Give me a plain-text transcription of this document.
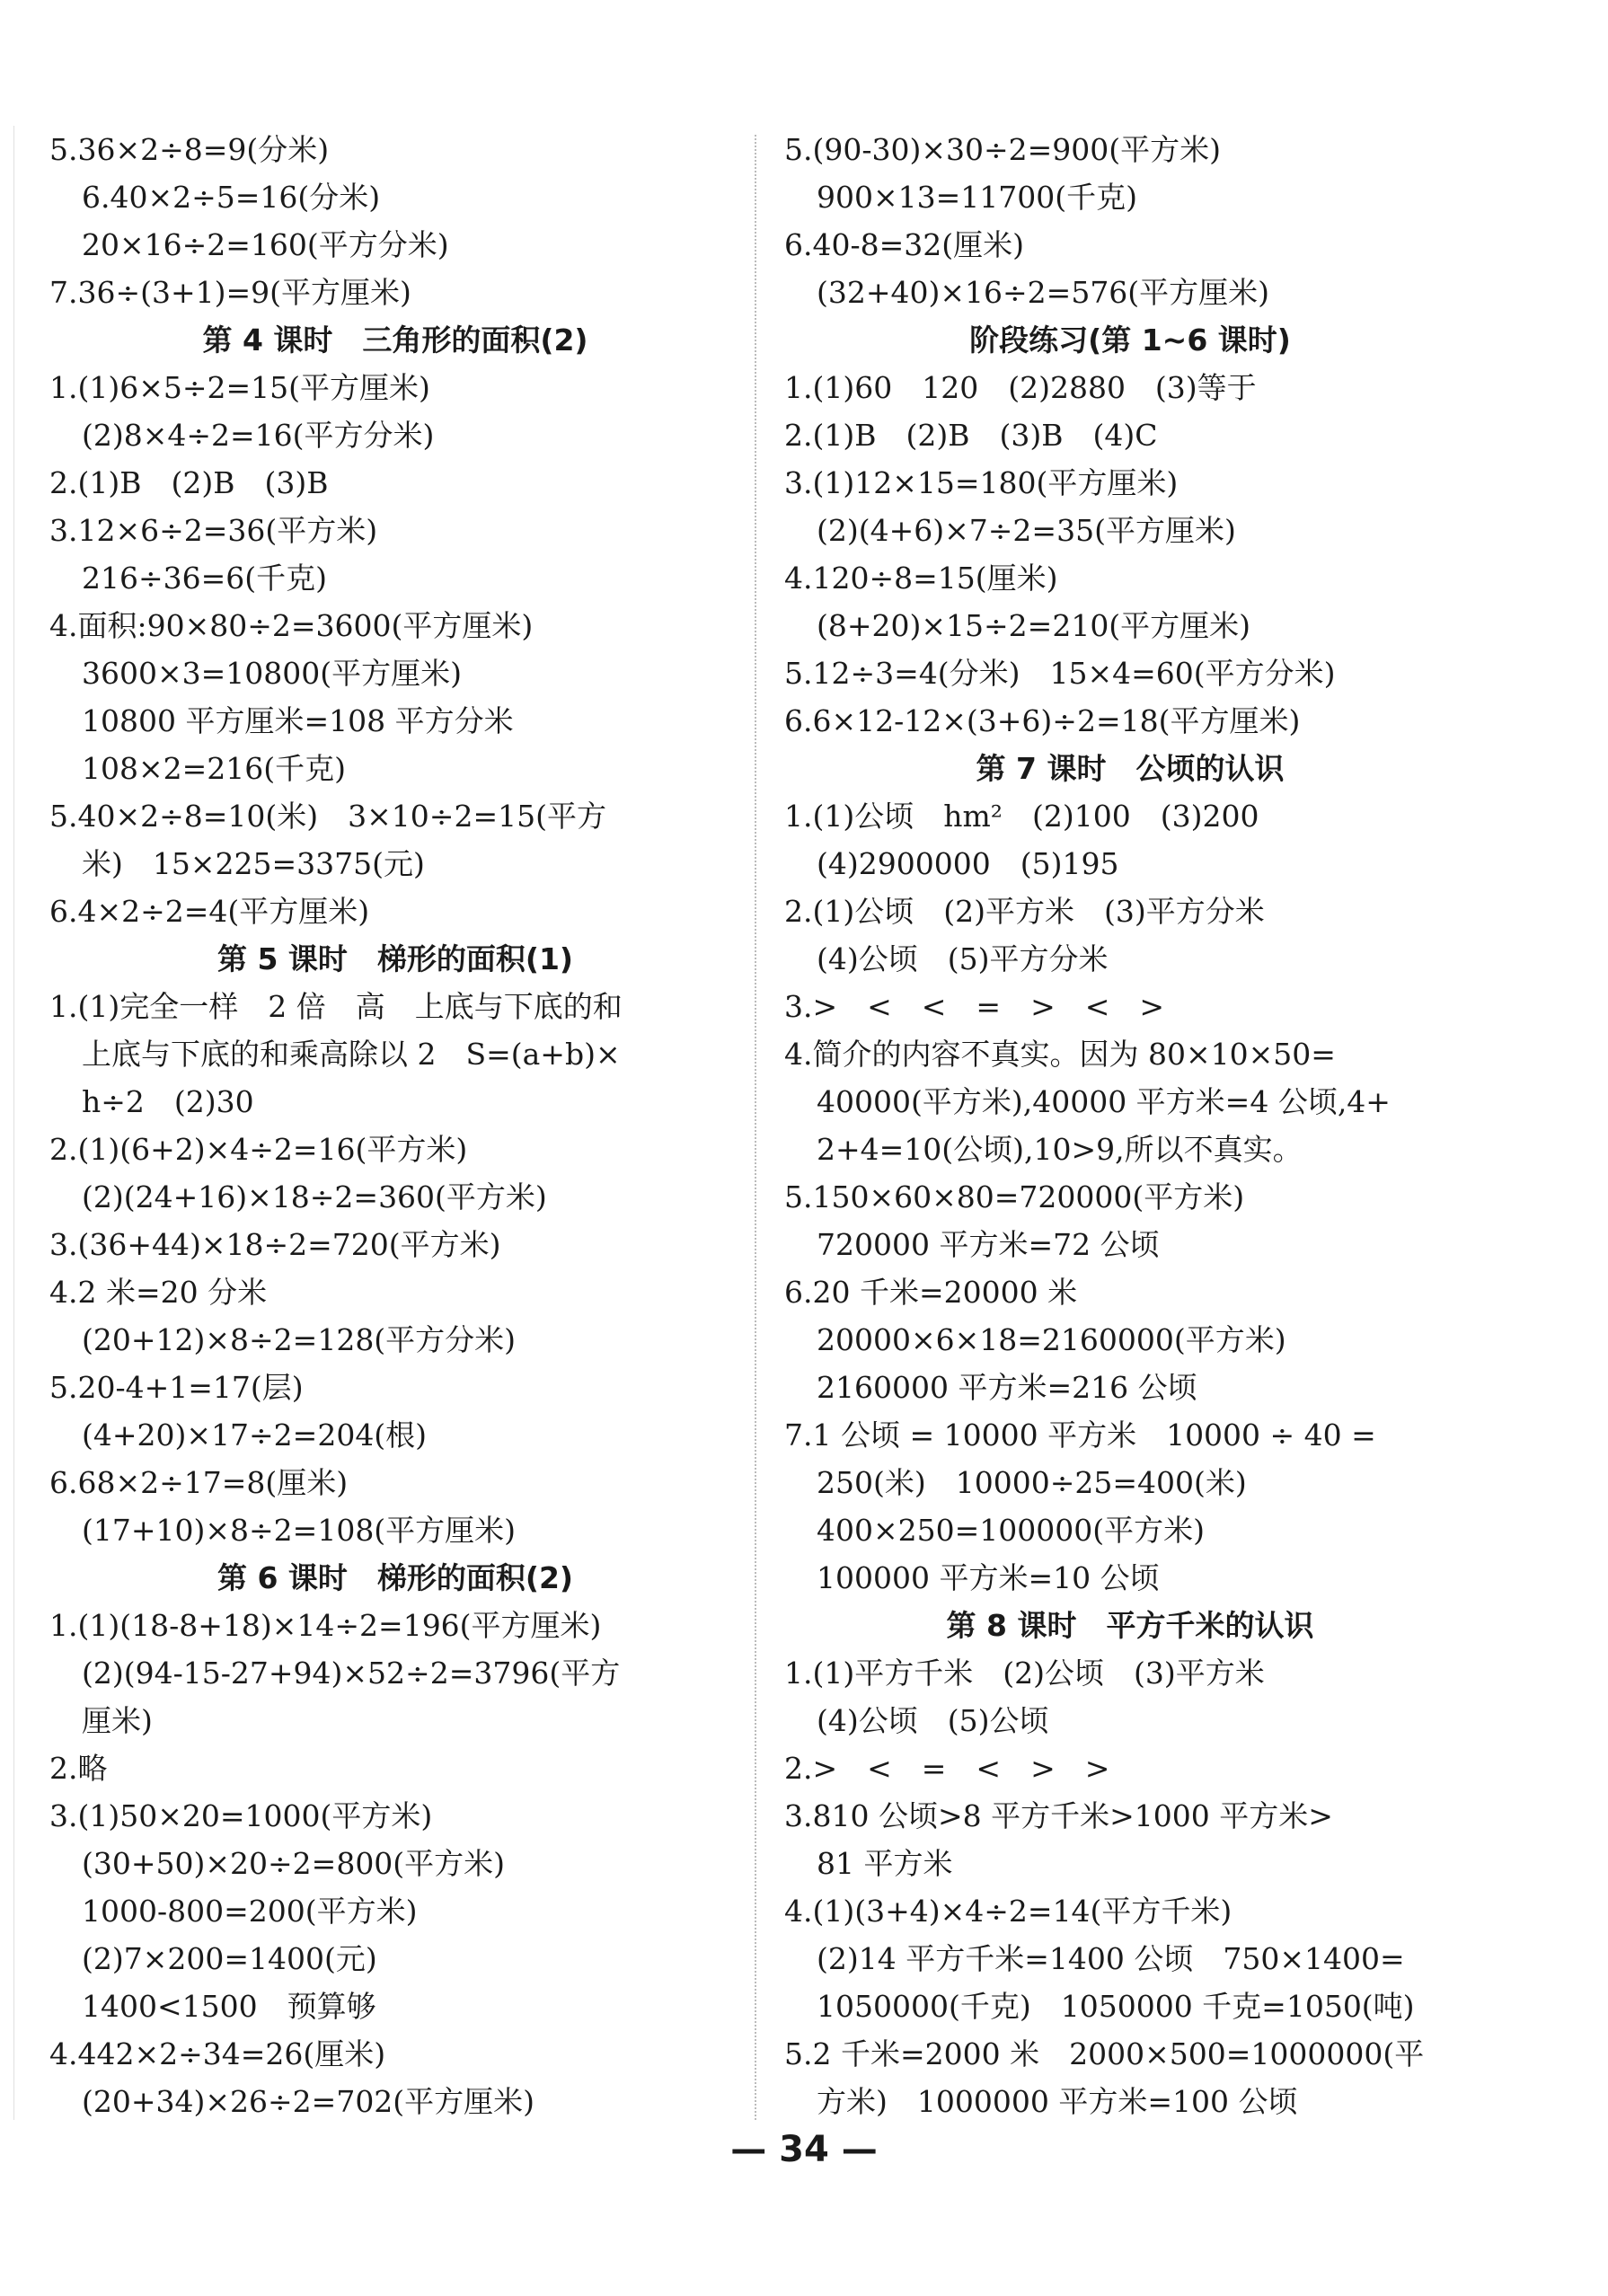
5.36×2÷8=9(分米)
6.40×2÷5=16(分米)
20×16÷2=160(平方分米)
7.36÷(3+1)=9(平方厘米)
第 4 课时　三角形的面积(2)
1.(1)6×5÷2=15(平方厘米)
(2)8×4÷2=16(平方分米)
2.(1)B　(2)B　(3)B
3.12×6÷2=36(平方米)
216÷36=6(千克)
4.面积:90×80÷2=3600(平方厘米)
3600×3=10800(平方厘米)
10800 平方厘米=108 平方分米
108×2=216(千克)
5.40×2÷8=10(米)　3×10÷2=15(平方
米)　15×225=3375(元)
6.4×2÷2=4(平方厘米)
第 5 课时　梯形的面积(1)
1.(1)完全一样　2 倍　高　上底与下底的和
上底与下底的和乘高除以 2　S=(a+b)×
h÷2　(2)30
2.(1)(6+2)×4÷2=16(平方米)
(2)(24+16)×18÷2=360(平方米)
3.(36+44)×18÷2=720(平方米)
4.2 米=20 分米
(20+12)×8÷2=128(平方分米)
5.20-4+1=17(层)
(4+20)×17÷2=204(根)
6.68×2÷17=8(厘米)
(17+10)×8÷2=108(平方厘米)
第 6 课时　梯形的面积(2)
1.(1)(18-8+18)×14÷2=196(平方厘米)
(2)(94-15-27+94)×52÷2=3796(平方
厘米)
2.略
3.(1)50×20=1000(平方米)
(30+50)×20÷2=800(平方米)
1000-800=200(平方米)
(2)7×200=1400(元)
1400<1500　预算够
4.442×2÷34=26(厘米)
(20+34)×26÷2=702(平方厘米)
5.(90-30)×30÷2=900(平方米)
900×13=11700(千克)
6.40-8=32(厘米)
(32+40)×16÷2=576(平方厘米)
阶段练习(第 1~6 课时)
1.(1)60　120　(2)2880　(3)等于
2.(1)B　(2)B　(3)B　(4)C
3.(1)12×15=180(平方厘米)
(2)(4+6)×7÷2=35(平方厘米)
4.120÷8=15(厘米)
(8+20)×15÷2=210(平方厘米)
5.12÷3=4(分米)　15×4=60(平方分米)
6.6×12-12×(3+6)÷2=18(平方厘米)
第 7 课时　公顷的认识
1.(1)公顷　hm²　(2)100　(3)200
(4)2900000　(5)195
2.(1)公顷　(2)平方米　(3)平方分米
(4)公顷　(5)平方分米
3.>　<　<　=　>　<　>
4.简介的内容不真实。因为 80×10×50=
40000(平方米),40000 平方米=4 公顷,4+
2+4=10(公顷),10>9,所以不真实。
5.150×60×80=720000(平方米)
720000 平方米=72 公顷
6.20 千米=20000 米
20000×6×18=2160000(平方米)
2160000 平方米=216 公顷
7.1 公顷 = 10000 平方米　10000 ÷ 40 =
250(米)　10000÷25=400(米)
400×250=100000(平方米)
100000 平方米=10 公顷
第 8 课时　平方千米的认识
1.(1)平方千米　(2)公顷　(3)平方米
(4)公顷　(5)公顷
2.>　<　=　<　>　>
3.810 公顷>8 平方千米>1000 平方米>
81 平方米
4.(1)(3+4)×4÷2=14(平方千米)
(2)14 平方千米=1400 公顷　750×1400=
1050000(千克)　1050000 千克=1050(吨)
5.2 千米=2000 米　2000×500=1000000(平
方米)　1000000 平方米=100 公顷
— 34 —
